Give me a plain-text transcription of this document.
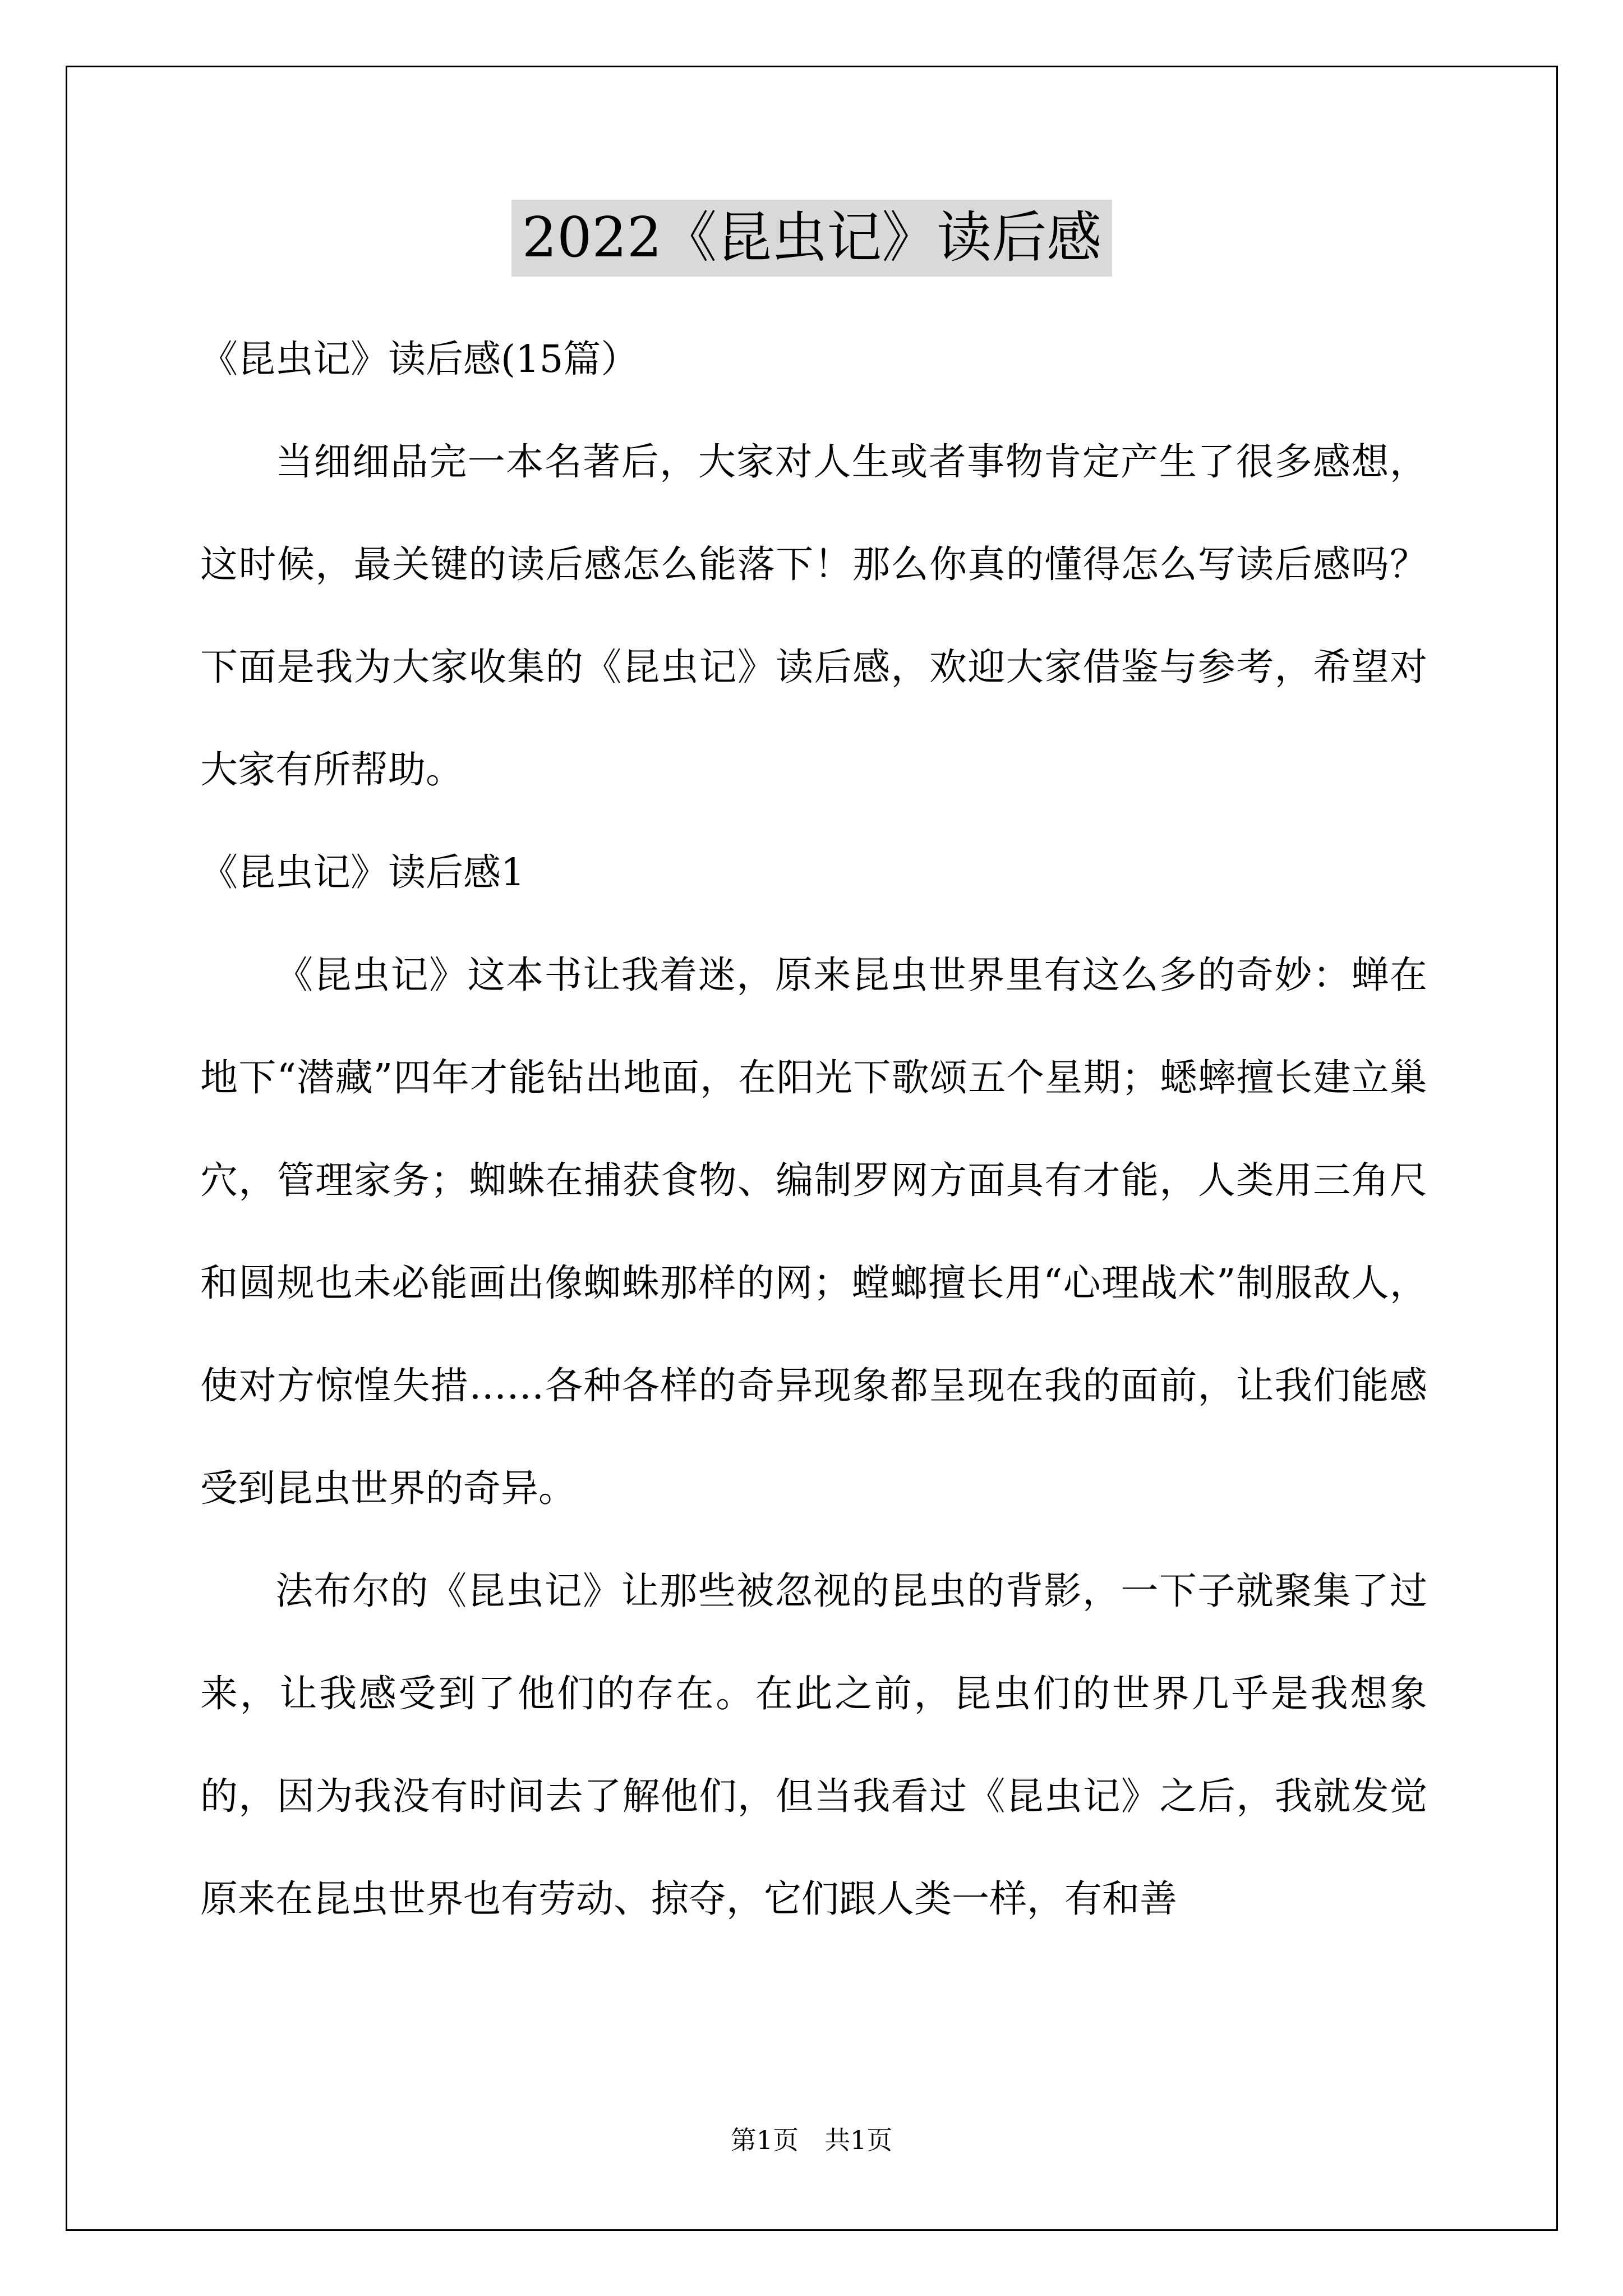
2022《昆虫记》读后感

《昆虫记》读后感(15篇）

当细细品完一本名著后，大家对人生或者事物肯定产生了很多感想，这时候，最关键的读后感怎么能落下！那么你真的懂得怎么写读后感吗？下面是我为大家收集的《昆虫记》读后感，欢迎大家借鉴与参考，希望对大家有所帮助。

《昆虫记》读后感1

《昆虫记》这本书让我着迷，原来昆虫世界里有这么多的奇妙：蝉在地下“潜藏”四年才能钻出地面，在阳光下歌颂五个星期；蟋蟀擅长建立巢穴，管理家务；蜘蛛在捕获食物、编制罗网方面具有才能，人类用三角尺和圆规也未必能画出像蜘蛛那样的网；螳螂擅长用“心理战术”制服敌人，使对方惊惶失措……各种各样的奇异现象都呈现在我的面前，让我们能感受到昆虫世界的奇异。

法布尔的《昆虫记》让那些被忽视的昆虫的背影，一下子就聚集了过来，让我感受到了他们的存在。在此之前，昆虫们的世界几乎是我想象的，因为我没有时间去了解他们，但当我看过《昆虫记》之后，我就发觉原来在昆虫世界也有劳动、掠夺，它们跟人类一样，有和善

第1页　共1页
